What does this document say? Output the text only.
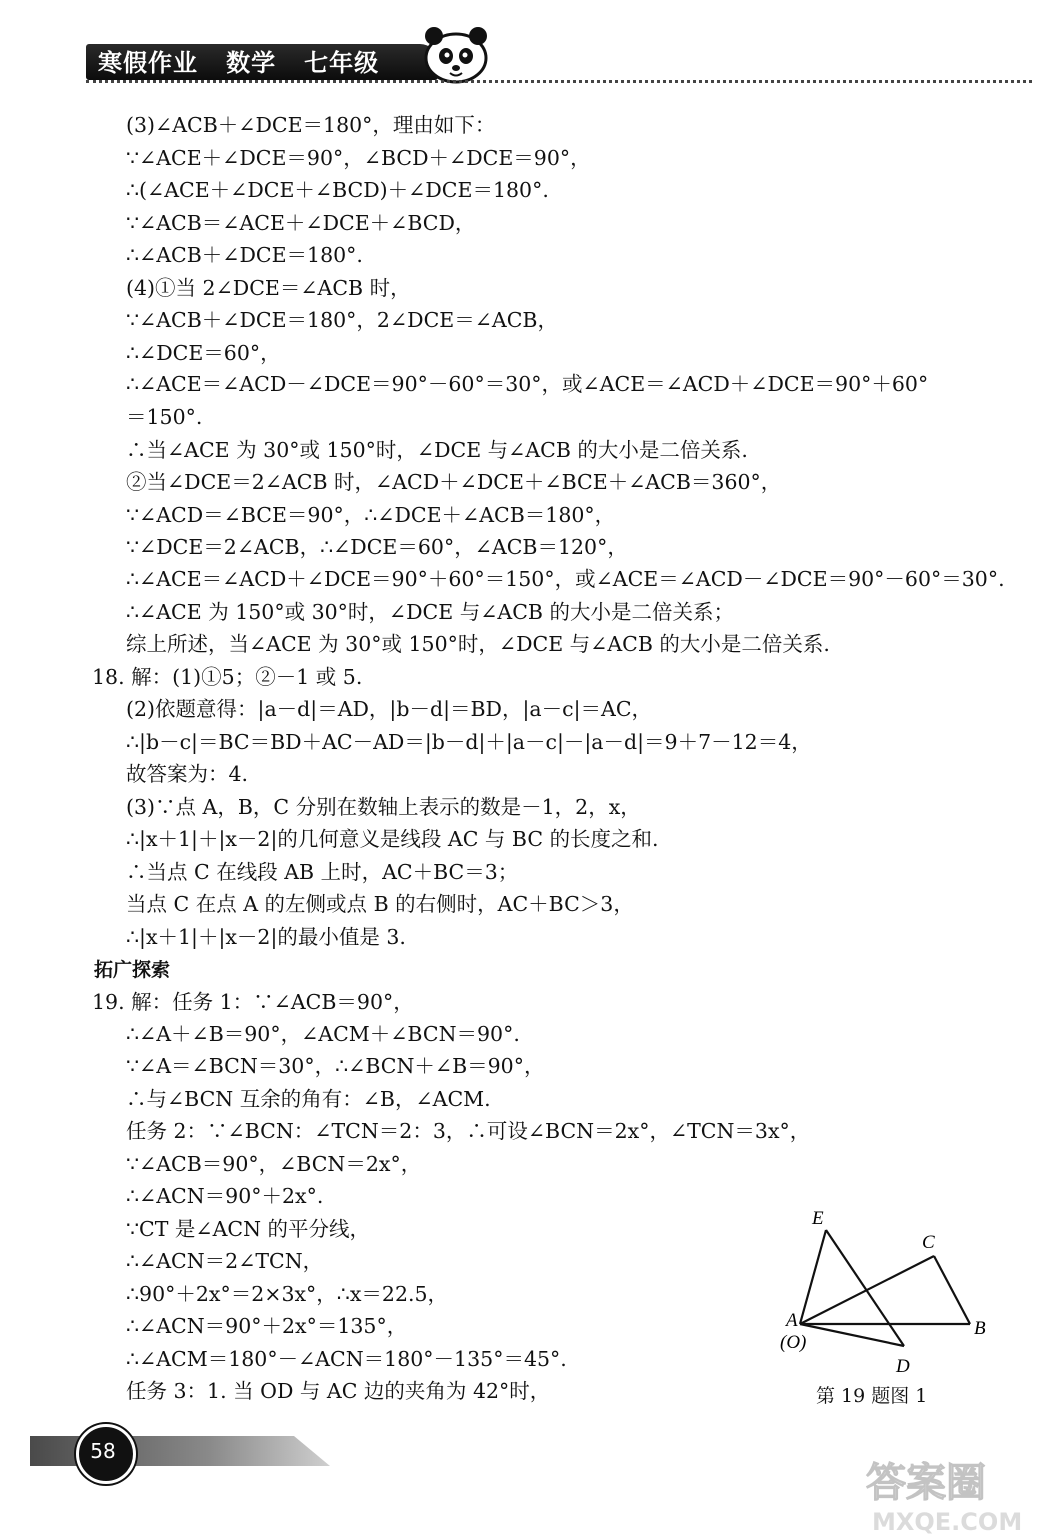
寒假作业   数学   七年级
(3)∠ACB＋∠DCE＝180°，理由如下：
∵∠ACE＋∠DCE＝90°，∠BCD＋∠DCE＝90°，
∴(∠ACE＋∠DCE＋∠BCD)＋∠DCE＝180°.
∵∠ACB＝∠ACE＋∠DCE＋∠BCD，
∴∠ACB＋∠DCE＝180°.
(4)①当 2∠DCE＝∠ACB 时，
∵∠ACB＋∠DCE＝180°，2∠DCE＝∠ACB，
∴∠DCE＝60°，
∴∠ACE＝∠ACD－∠DCE＝90°－60°＝30°，或∠ACE＝∠ACD＋∠DCE＝90°＋60°
＝150°.
∴当∠ACE 为 30°或 150°时，∠DCE 与∠ACB 的大小是二倍关系.
②当∠DCE＝2∠ACB 时，∠ACD＋∠DCE＋∠BCE＋∠ACB＝360°，
∵∠ACD＝∠BCE＝90°，∴∠DCE＋∠ACB＝180°，
∵∠DCE＝2∠ACB，∴∠DCE＝60°，∠ACB＝120°，
∴∠ACE＝∠ACD＋∠DCE＝90°＋60°＝150°，或∠ACE＝∠ACD－∠DCE＝90°－60°＝30°.
∴∠ACE 为 150°或 30°时，∠DCE 与∠ACB 的大小是二倍关系；
综上所述，当∠ACE 为 30°或 150°时，∠DCE 与∠ACB 的大小是二倍关系.
18. 解：(1)①5；②－1 或 5.
(2)依题意得：|a－d|＝AD，|b－d|＝BD，|a－c|＝AC，
∴|b－c|＝BC＝BD＋AC－AD＝|b－d|＋|a－c|－|a－d|＝9＋7－12＝4，
故答案为：4.
(3)∵点 A，B，C 分别在数轴上表示的数是－1，2，x，
∴|x＋1|＋|x－2|的几何意义是线段 AC 与 BC 的长度之和.
∴当点 C 在线段 AB 上时，AC＋BC＝3；
当点 C 在点 A 的左侧或点 B 的右侧时，AC＋BC＞3，
∴|x＋1|＋|x－2|的最小值是 3.
拓广探索
19. 解：任务 1：∵∠ACB＝90°，
∴∠A＋∠B＝90°，∠ACM＋∠BCN＝90°.
∵∠A＝∠BCN＝30°，∴∠BCN＋∠B＝90°，
∴与∠BCN 互余的角有：∠B，∠ACM.
任务 2：∵∠BCN：∠TCN＝2：3，∴可设∠BCN＝2x°，∠TCN＝3x°，
∵∠ACB＝90°，∠BCN＝2x°，
∴∠ACN＝90°＋2x°.
∵CT 是∠ACN 的平分线，
∴∠ACN＝2∠TCN，
∴90°＋2x°＝2×3x°，∴x＝22.5，
∴∠ACN＝90°＋2x°＝135°，
∴∠ACM＝180°－∠ACN＝180°－135°＝45°.
任务 3：1. 当 OD 与 AC 边的夹角为 42°时，
E
C
A
(O)
B
D
第 19 题图 1
58
答案圈
MXQE.COM
